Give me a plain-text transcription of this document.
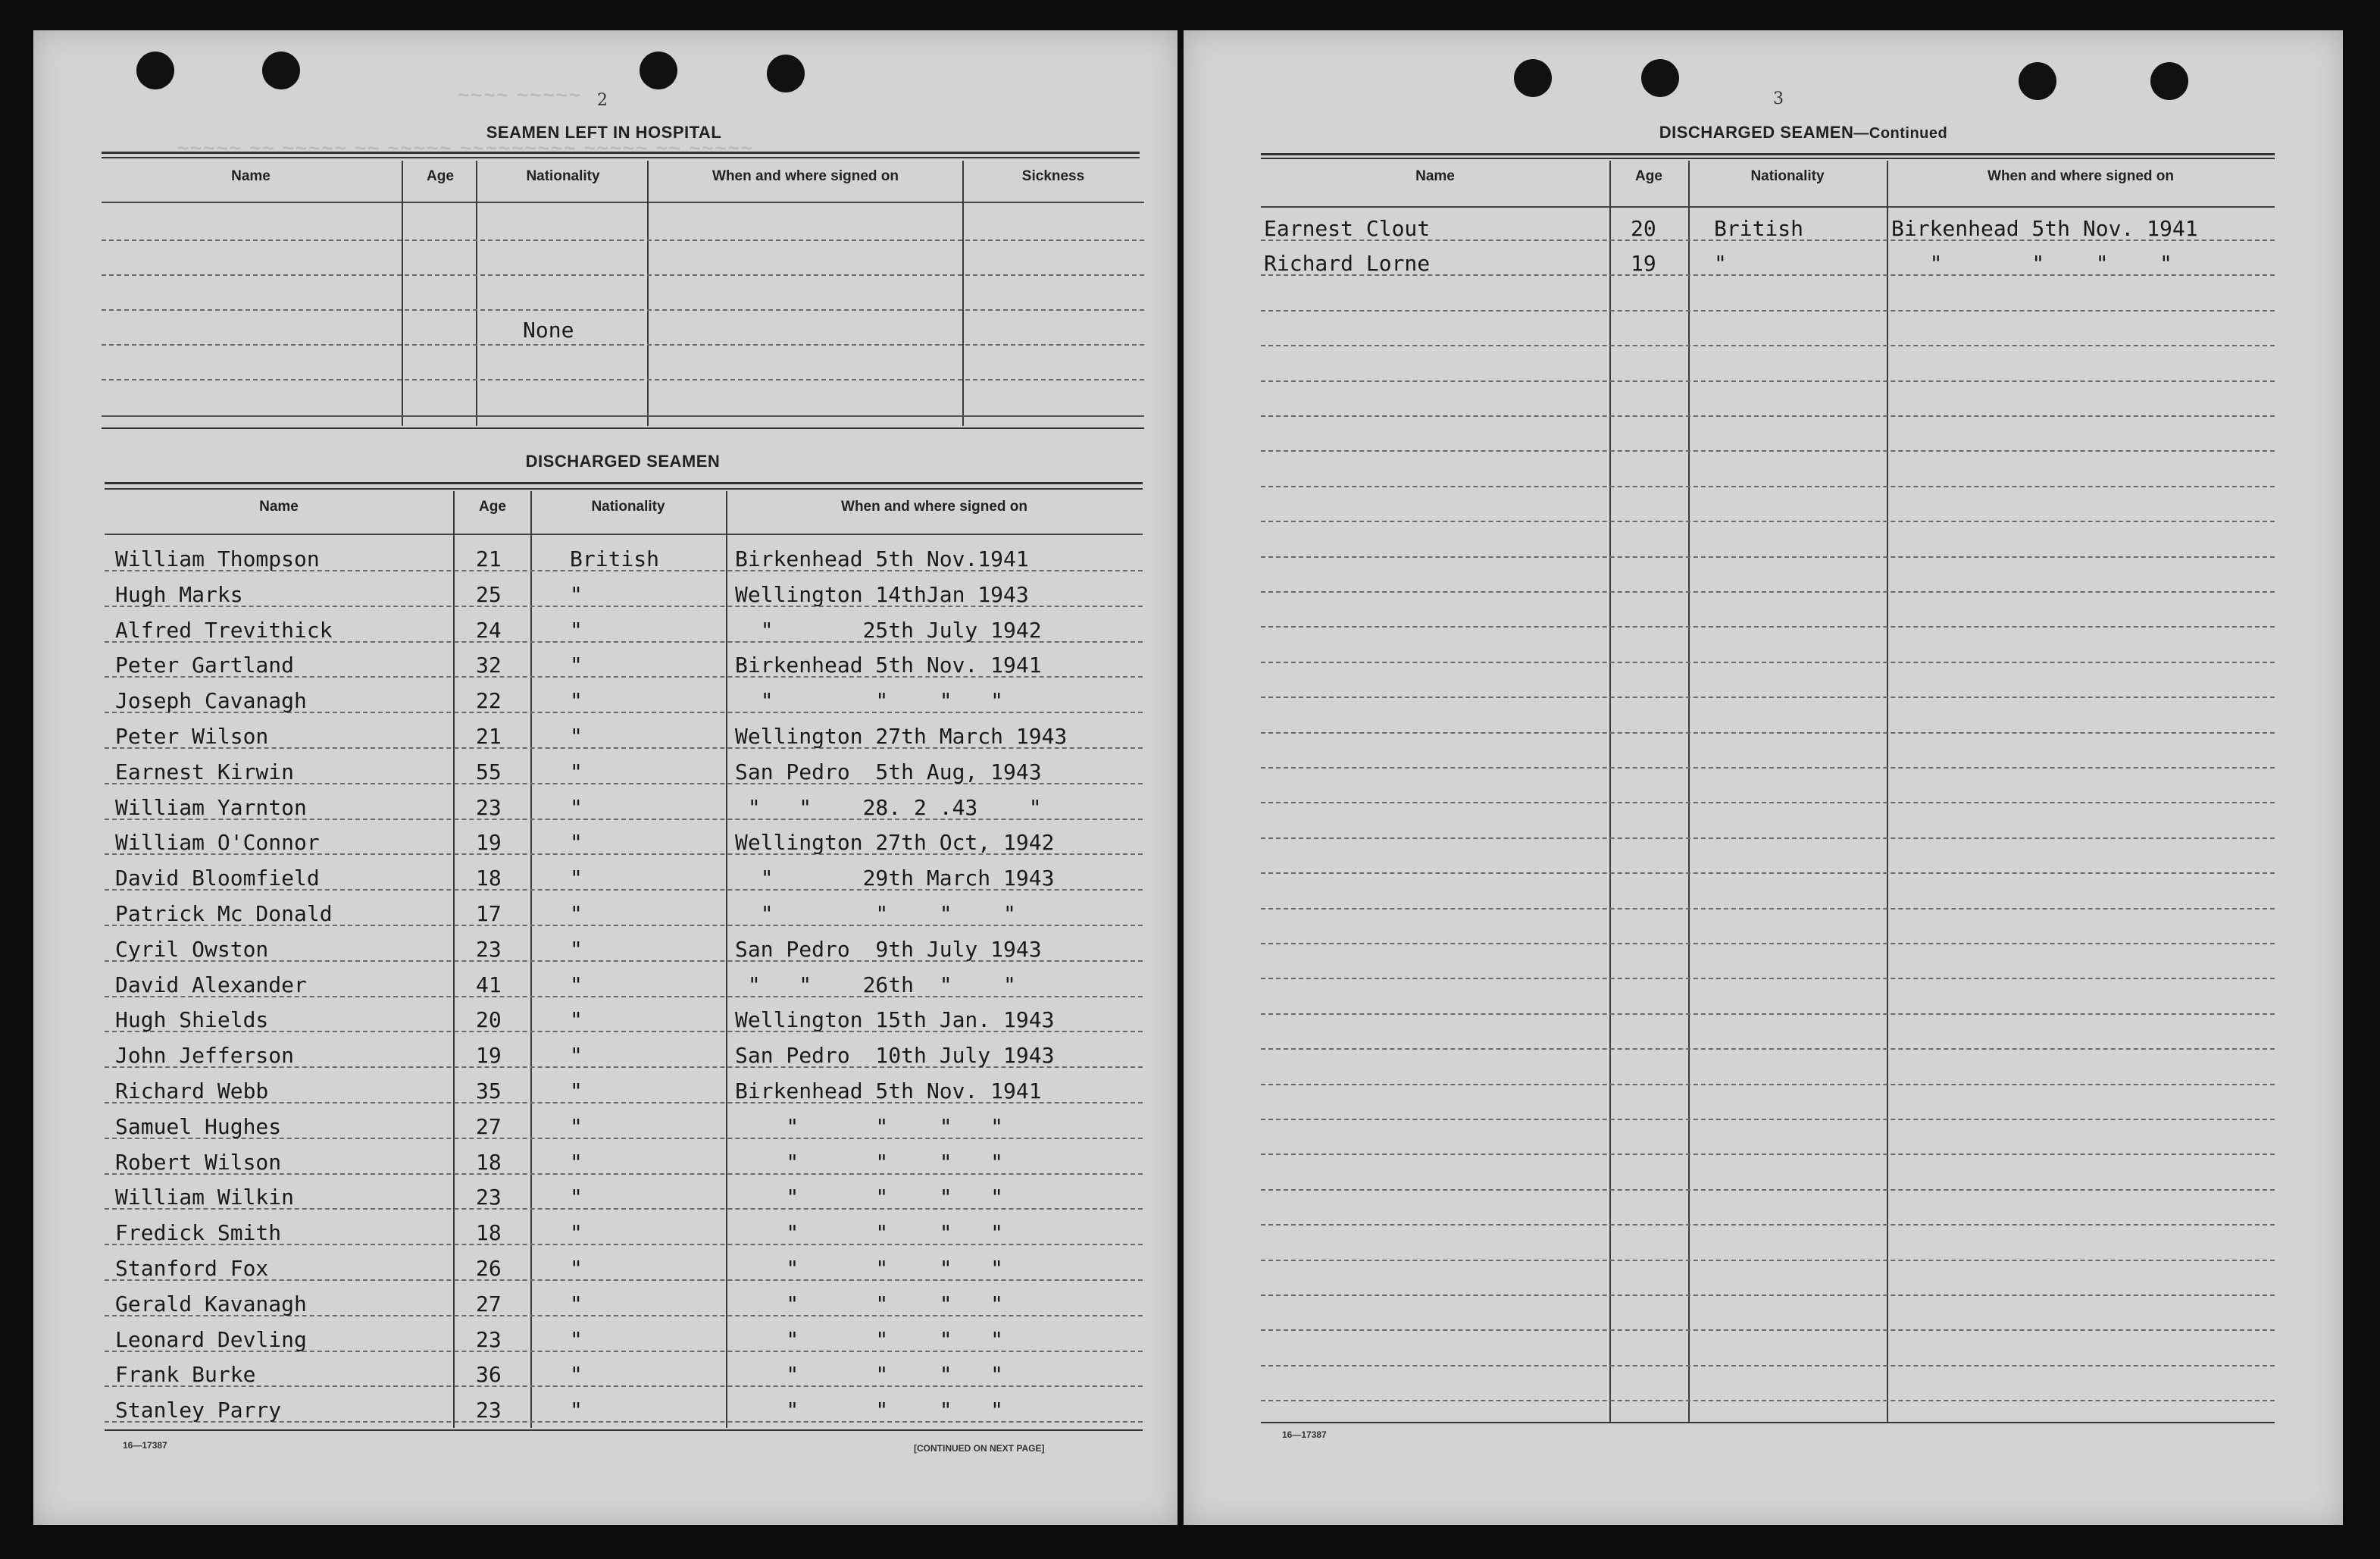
~~~~~ ~~ ~~~~~ ~~ ~~~~~ ~~~~~~~~~ ~~~~~ ~~ ~~~~~
~~~~ ~~~~~ 2
SEAMEN LEFT IN HOSPITAL
Name	Age	Nationality	When and where signed on	Sickness
None
DISCHARGED SEAMEN
Name	Age	Nationality	When and where signed on
William Thompson	21	British	Birkenhead 5th Nov.1941
Hugh Marks	25	"	Wellington 14thJan 1943
Alfred Trevithick	24	"	"       25th July 1942
Peter Gartland	32	"	Birkenhead 5th Nov. 1941
Joseph Cavanagh	22	"	"        "    "   "
Peter Wilson	21	"	Wellington 27th March 1943
Earnest Kirwin	55	"	San Pedro  5th Aug, 1943
William Yarnton	23	"	"   "    28. 2 .43    "
William O'Connor	19	"	Wellington 27th Oct, 1942
David Bloomfield	18	"	"       29th March 1943
Patrick Mc Donald	17	"	"        "    "    "
Cyril Owston	23	"	San Pedro  9th July 1943
David Alexander	41	"	"   "    26th  "    "
Hugh Shields	20	"	Wellington 15th Jan. 1943
John Jefferson	19	"	San Pedro  10th July 1943
Richard Webb	35	"	Birkenhead 5th Nov. 1941
Samuel Hughes	27	"	"      "    "   "
Robert Wilson	18	"	"      "    "   "
William Wilkin	23	"	"      "    "   "
Fredick Smith	18	"	"      "    "   "
Stanford Fox	26	"	"      "    "   "
Gerald Kavanagh	27	"	"      "    "   "
Leonard Devling	23	"	"      "    "   "
Frank Burke	36	"	"      "    "   "
Stanley Parry	23	"	"      "    "   "
16—17387	[CONTINUED ON NEXT PAGE]
3
DISCHARGED SEAMEN—Continued
Name	Age	Nationality	When and where signed on
Earnest Clout	20	British	Birkenhead 5th Nov. 1941
Richard Lorne	19	"	"       "    "    "
16—17387
